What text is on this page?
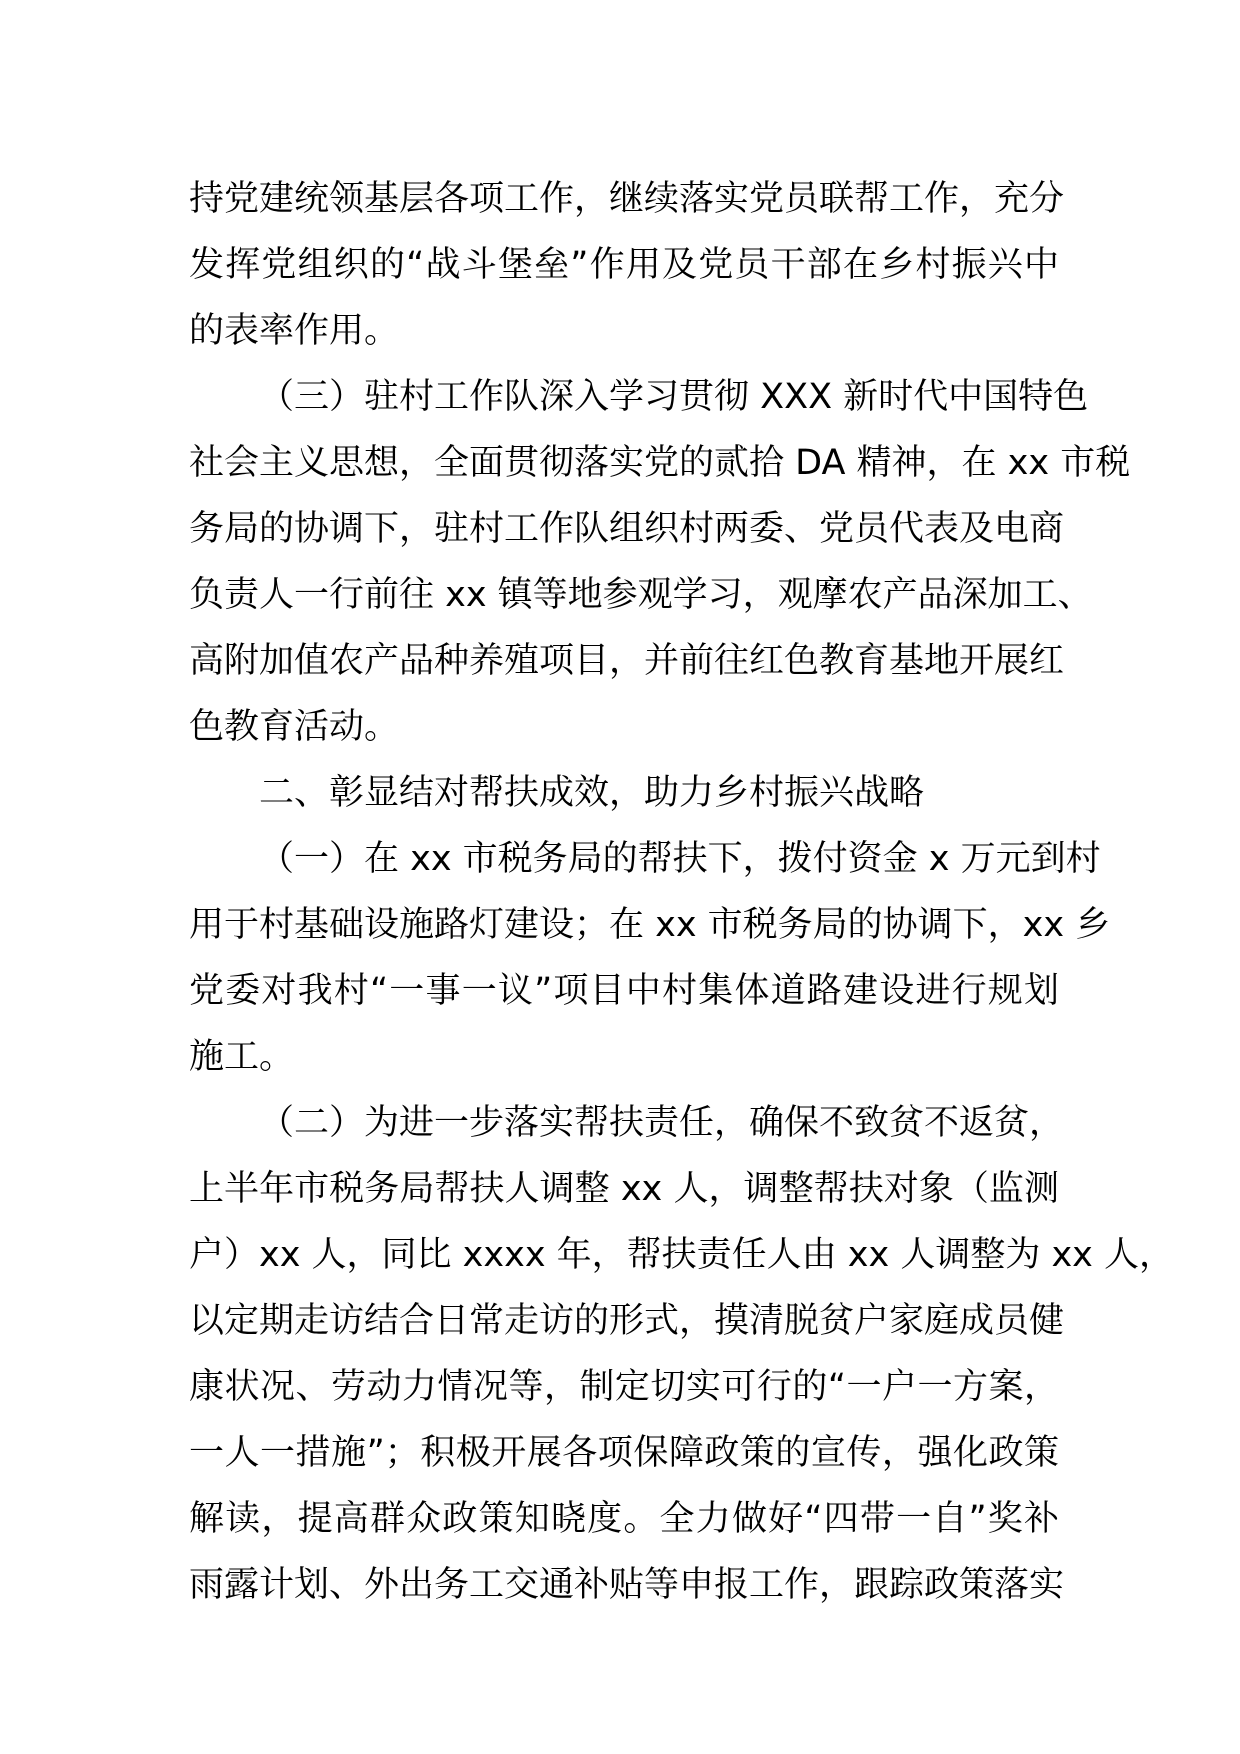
持党建统领基层各项工作，继续落实党员联帮工作，充分
发挥党组织的“战斗堡垒”作用及党员干部在乡村振兴中
的表率作用。
（三）驻村工作队深入学习贯彻 XXX 新时代中国特色
社会主义思想，全面贯彻落实党的贰拾 DA 精神，在 xx 市税
务局的协调下，驻村工作队组织村两委、党员代表及电商
负责人一行前往 xx 镇等地参观学习，观摩农产品深加工、
高附加值农产品种养殖项目，并前往红色教育基地开展红
色教育活动。
二、彰显结对帮扶成效，助力乡村振兴战略
（一）在 xx 市税务局的帮扶下，拨付资金 x 万元到村
用于村基础设施路灯建设；在 xx 市税务局的协调下，xx 乡
党委对我村“一事一议”项目中村集体道路建设进行规划
施工。
（二）为进一步落实帮扶责任，确保不致贫不返贫，
上半年市税务局帮扶人调整 xx 人，调整帮扶对象（监测
户）xx 人，同比 xxxx 年，帮扶责任人由 xx 人调整为 xx 人，
以定期走访结合日常走访的形式，摸清脱贫户家庭成员健
康状况、劳动力情况等，制定切实可行的“一户一方案，
一人一措施”；积极开展各项保障政策的宣传，强化政策
解读，提高群众政策知晓度。全力做好“四带一自”奖补
雨露计划、外出务工交通补贴等申报工作，跟踪政策落实
